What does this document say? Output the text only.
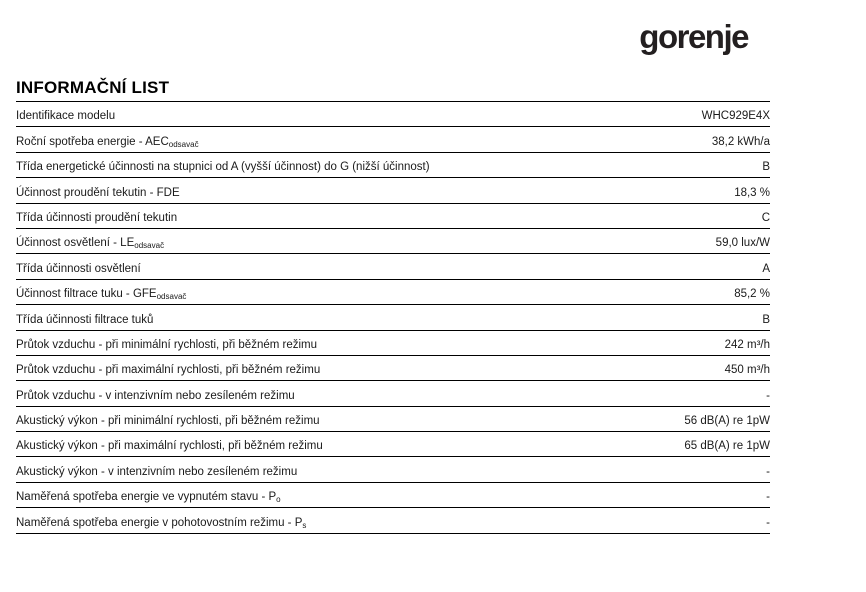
gorenje
INFORMAČNÍ LIST
Identifikace modelu	WHC929E4X
Roční spotřeba energie - $AEC_{odsavač}$	38,2 kWh/a
Třída energetické účinnosti na stupnici od A (vyšší účinnost) do G (nižší účinnost)	B
Účinnost proudění tekutin - FDE	18,3 %
Třída účinnosti proudění tekutin	C
Účinnost osvětlení - $LE_{odsavač}$	59,0 lux/W
Třída účinnosti osvětlení	A
Účinnost filtrace tuku - $GFE_{odsavač}$	85,2 %
Třída účinnosti filtrace tuků	B
Průtok vzduchu - při minimální rychlosti, při běžném režimu	242 m³/h
Průtok vzduchu - při maximální rychlosti, při běžném režimu	450 m³/h
Průtok vzduchu - v intenzivním nebo zesíleném režimu	-
Akustický výkon - při minimální rychlosti, při běžném režimu	56 dB(A) re 1pW
Akustický výkon - při maximální rychlosti, při běžném režimu	65 dB(A) re 1pW
Akustický výkon - v intenzivním nebo zesíleném režimu	-
Naměřená spotřeba energie ve vypnutém stavu - $P_o$	-
Naměřená spotřeba energie v pohotovostním režimu - $P_s$	-
